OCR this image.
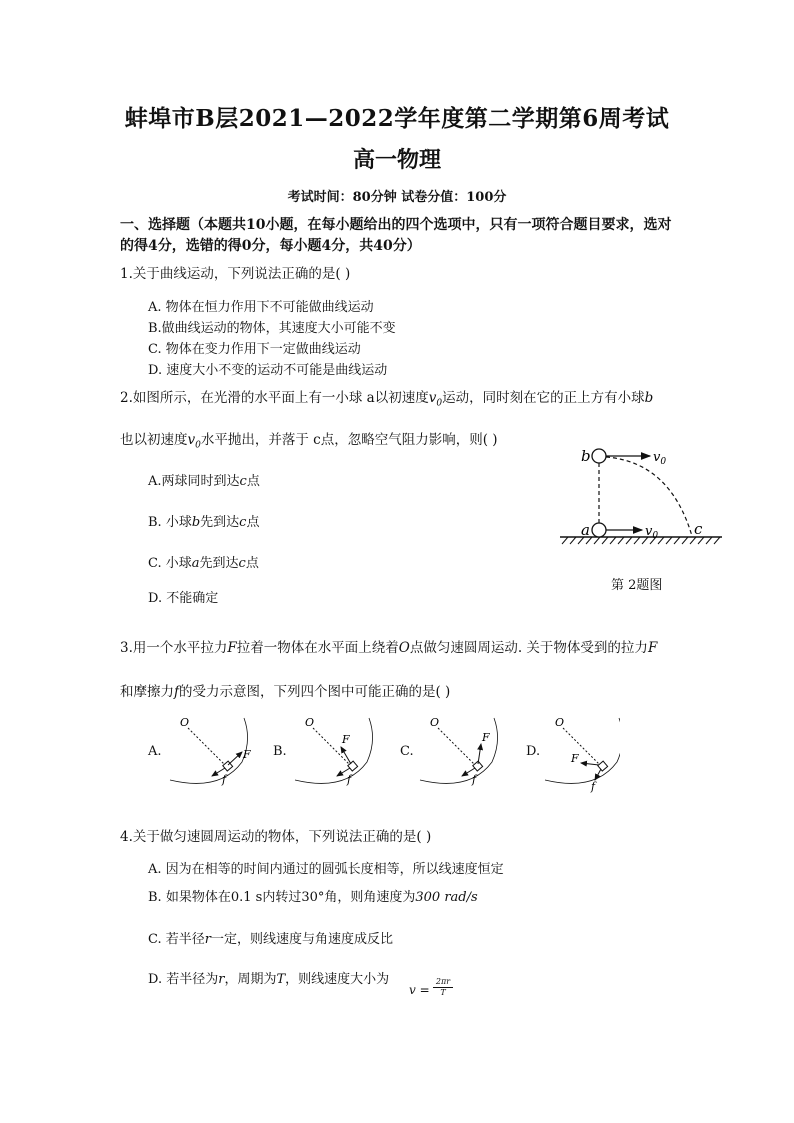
蚌埠市B层2021—2022学年度第二学期第6周考试
高一物理
考试时间：80分钟 试卷分值：100分
一、选择题（本题共10小题，在每小题给出的四个选项中，只有一项符合题目要求，选对
的得4分，选错的得0分，每小题4分，共40分）
1.关于曲线运动，下列说法正确的是( )
A. 物体在恒力作用下不可能做曲线运动
B.做曲线运动的物体，其速度大小可能不变
C. 物体在变力作用下一定做曲线运动
D. 速度大小不变的运动不可能是曲线运动
2.如图所示，在光滑的水平面上有一小球 a以初速度$v_0$运动，同时刻在它的正上方有小球b
也以初速度$v_0$水平抛出，并落于 c点，忽略空气阻力影响，则( )
A.两球同时到达c点
B. 小球b先到达c点
C. 小球a先到达c点
D. 不能确定
b
a	c
$v_0$
$v_0$
第 2题图
3.用一个水平拉力F拉着一物体在水平面上绕着O点做匀速圆周运动. 关于物体受到的拉力F
和摩擦力f的受力示意图，下列四个图中可能正确的是( )
A.	B.	C.	D.
O
F
f
O
F
f
O
F
f
O
F
f
4.关于做匀速圆周运动的物体，下列说法正确的是( )
A. 因为在相等的时间内通过的圆弧长度相等，所以线速度恒定
B. 如果物体在0.1 s内转过30°角，则角速度为300 rad/s
C. 若半径r一定，则线速度与角速度成反比
D. 若半径为r，周期为T，则线速度大小为
$v = \frac{2\pi r}{T}$
